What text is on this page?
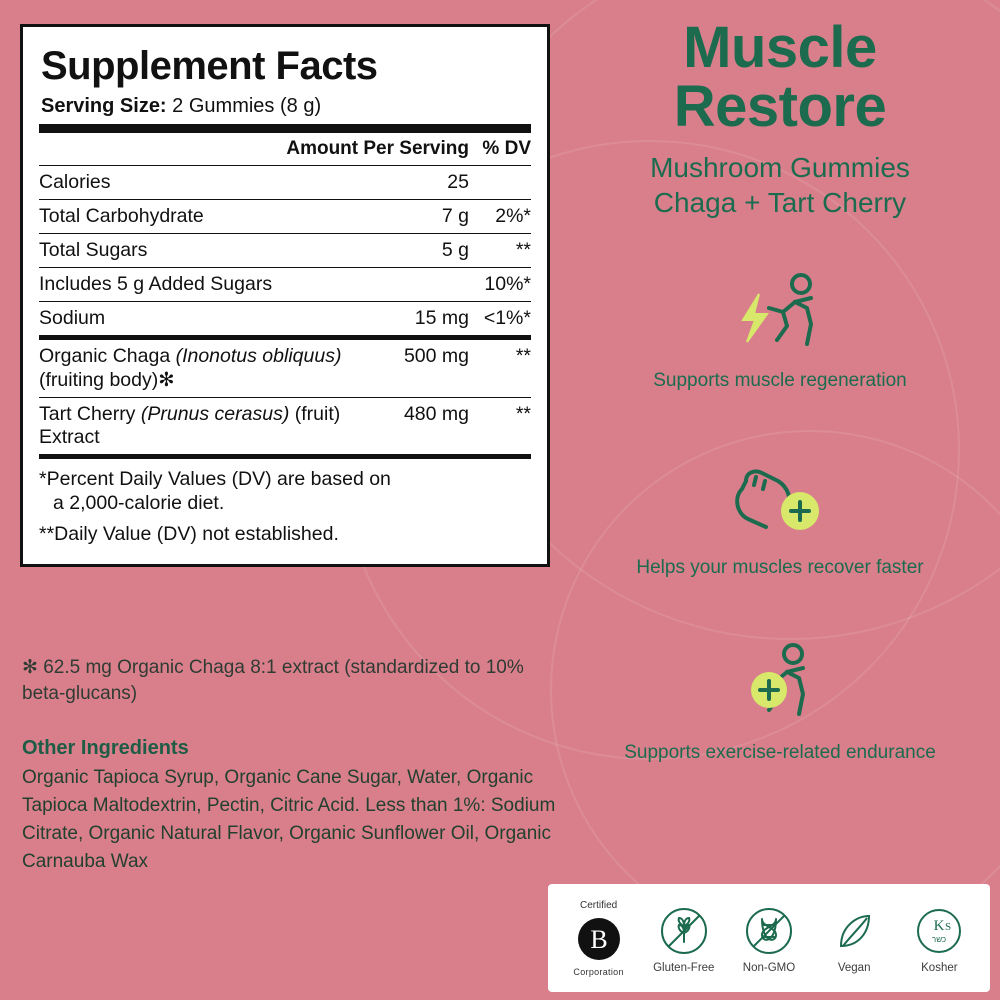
Supplement Facts
Serving Size: 2 Gummies (8 g)
	Amount Per Serving	% DV
Calories	25	
Total Carbohydrate	7 g	2%*
Total Sugars	5 g	**
Includes 5 g Added Sugars		10%*
Sodium	15 mg	<1%*
Organic Chaga (Inonotus obliquus) (fruiting body)✻	500 mg	**
Tart Cherry (Prunus cerasus) (fruit) Extract	480 mg	**

*Percent Daily Values (DV) are based on
a 2,000-calorie diet.

**Daily Value (DV) not established.

✻ 62.5 mg Organic Chaga 8:1 extract (standardized to 10% beta-glucans)
Other Ingredients
Organic Tapioca Syrup, Organic Cane Sugar, Water, Organic Tapioca Maltodextrin, Pectin, Citric Acid. Less than 1%: Sodium Citrate, Organic Natural Flavor, Organic Sunflower Oil, Organic Carnauba Wax
Muscle
Restore
Mushroom Gummies
Chaga + Tart Cherry
Supports muscle regeneration
Helps your muscles recover faster
Supports exercise-related endurance
Certified
B
Corporation	Gluten-Free	Non-GMO	Vegan
K S
כשר
Kosher
